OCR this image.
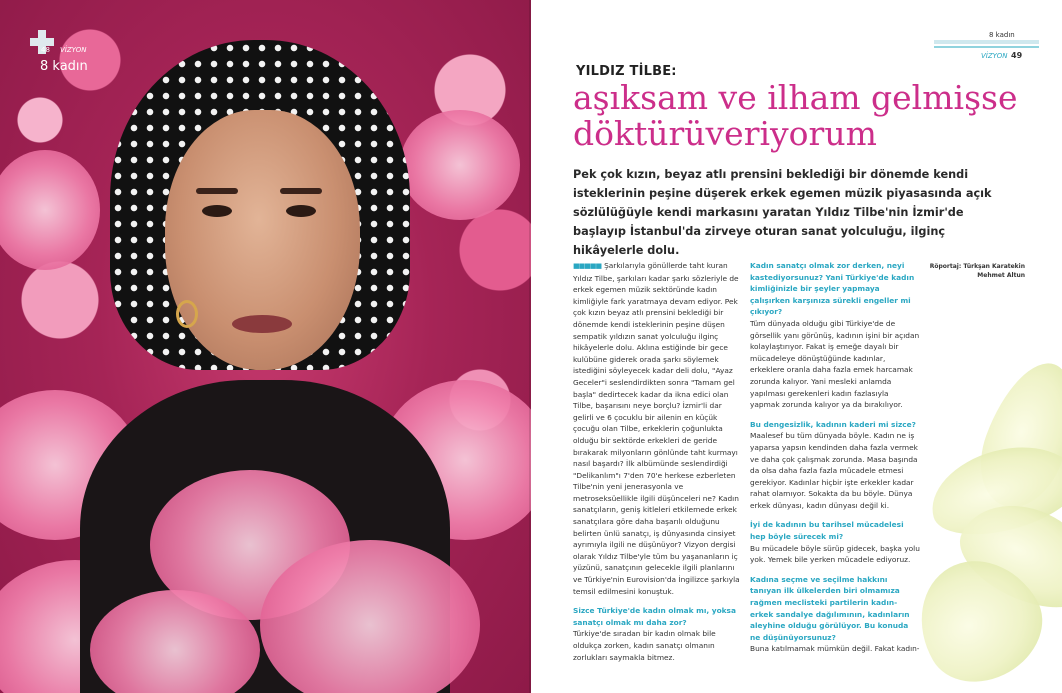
48 VİZYON
8 kadın
8 kadın
VİZYON 49
YILDIZ TİLBE:
aşıksam ve ilham gelmişse döktürüveriyorum
Pek çok kızın, beyaz atlı prensini beklediği bir dönemde kendi isteklerinin peşine düşerek erkek egemen müzik piyasasında açık sözlülüğüyle kendi markasını yaratan Yıldız Tilbe'nin İzmir'de başlayıp İstanbul'da zirveye oturan sanat yolculuğu, ilginç hikâyelerle dolu.

■■■■■ Şarkılarıyla gönüllerde taht kuran Yıldız Tilbe, şarkıları kadar şarkı sözleriyle de erkek egemen müzik sektöründe kadın kimliğiyle fark yaratmaya devam ediyor. Pek çok kızın beyaz atlı prensini beklediği bir dönemde kendi isteklerinin peşine düşen sempatik yıldızın sanat yolculuğu ilginç hikâyelerle dolu. Aklına estiğinde bir gece kulübüne giderek orada şarkı söylemek istediğini söyleyecek kadar deli dolu, "Ayaz Geceler"i seslendirdikten sonra "Tamam gel başla" dedirtecek kadar da ikna edici olan Tilbe, başarısını neye borçlu? İzmir'li dar gelirli ve 6 çocuklu bir ailenin en küçük çocuğu olan Tilbe, erkeklerin çoğunlukta olduğu bir sektörde erkekleri de geride bırakarak milyonların gönlünde taht kurmayı nasıl başardı? İlk albümünde seslendirdiği "Delikanlım"ı 7'den 70'e herkese ezberleten Tilbe'nin yeni jenerasyonla ve metroseksüellikle ilgili düşünceleri ne? Kadın sanatçıların, geniş kitleleri etkilemede erkek sanatçılara göre daha başarılı olduğunu belirten ünlü sanatçı, iş dünyasında cinsiyet ayrımıyla ilgili ne düşünüyor? Vizyon dergisi olarak Yıldız Tilbe'yle tüm bu yaşananların iç yüzünü, sanatçının gelecekle ilgili planlarını ve Türkiye'nin Eurovision'da İngilizce şarkıyla temsil edilmesini konuştuk.

Sizce Türkiye'de kadın olmak mı, yoksa sanatçı olmak mı daha zor?

Türkiye'de sıradan bir kadın olmak bile oldukça zorken, kadın sanatçı olmanın zorlukları saymakla bitmez.

Kadın sanatçı olmak zor derken, neyi kastediyorsunuz? Yani Türkiye'de kadın kimliğinizle bir şeyler yapmaya çalışırken karşınıza sürekli engeller mi çıkıyor?

Tüm dünyada olduğu gibi Türkiye'de de görsellik yanı görünüş, kadının işini bir açıdan kolaylaştırıyor. Fakat iş emeğe dayalı bir mücadeleye dönüştüğünde kadınlar, erkeklere oranla daha fazla emek harcamak zorunda kalıyor. Yani mesleki anlamda yapılması gerekenleri kadın fazlasıyla yapmak zorunda kalıyor ya da bırakılıyor.

Bu dengesizlik, kadının kaderi mi sizce?

Maalesef bu tüm dünyada böyle. Kadın ne iş yaparsa yapsın kendinden daha fazla vermek ve daha çok çalışmak zorunda. Masa başında da olsa daha fazla fazla mücadele etmesi gerekiyor. Kadınlar hiçbir işte erkekler kadar rahat olamıyor. Sokakta da bu böyle. Dünya erkek dünyası, kadın dünyası değil ki.

İyi de kadının bu tarihsel mücadelesi hep böyle sürecek mi?

Bu mücadele böyle sürüp gidecek, başka yolu yok. Yemek bile yerken mücadele ediyoruz.

Kadına seçme ve seçilme hakkını tanıyan ilk ülkelerden biri olmamıza rağmen meclisteki partilerin kadın-erkek sandalye dağılımının, kadınların aleyhine olduğu görülüyor. Bu konuda ne düşünüyorsunuz?

Buna katılmamak mümkün değil. Fakat kadın-

Röportaj: Türkşan Karatekin
Mehmet Altun
